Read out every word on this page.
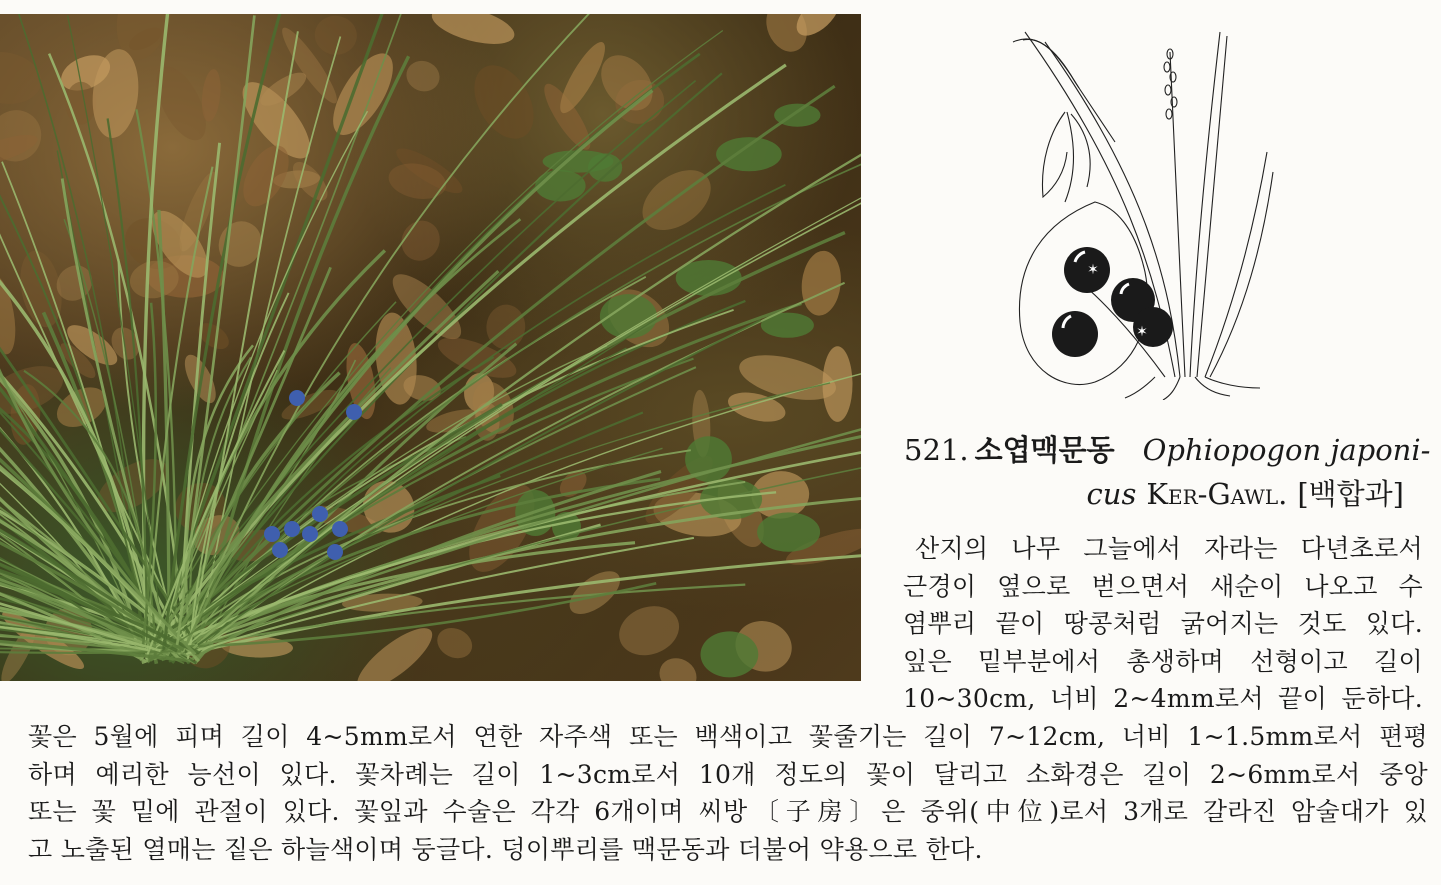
✶
✶
521. 소엽맥문동 Ophiopogon japoni-
cus Ker-Gawl. [백합과]
산지의 나무 그늘에서 자라는 다년초로서
근경이 옆으로 벋으면서 새순이 나오고 수
염뿌리 끝이 땅콩처럼 굵어지는 것도 있다.
잎은 밑부분에서 총생하며 선형이고 길이
10~30cm, 너비 2~4mm로서 끝이 둔하다.
꽃은 5월에 피며 길이 4~5mm로서 연한 자주색 또는 백색이고 꽃줄기는 길이 7~12cm, 너비 1~1.5mm로서 편평
하며 예리한 능선이 있다. 꽃차례는 길이 1~3cm로서 10개 정도의 꽃이 달리고 소화경은 길이 2~6mm로서 중앙
또는 꽃 밑에 관절이 있다. 꽃잎과 수술은 각각 6개이며 씨방〔子房〕은 중위(中位)로서 3개로 갈라진 암술대가 있
고 노출된 열매는 짙은 하늘색이며 둥글다. 덩이뿌리를 맥문동과 더불어 약용으로 한다.
